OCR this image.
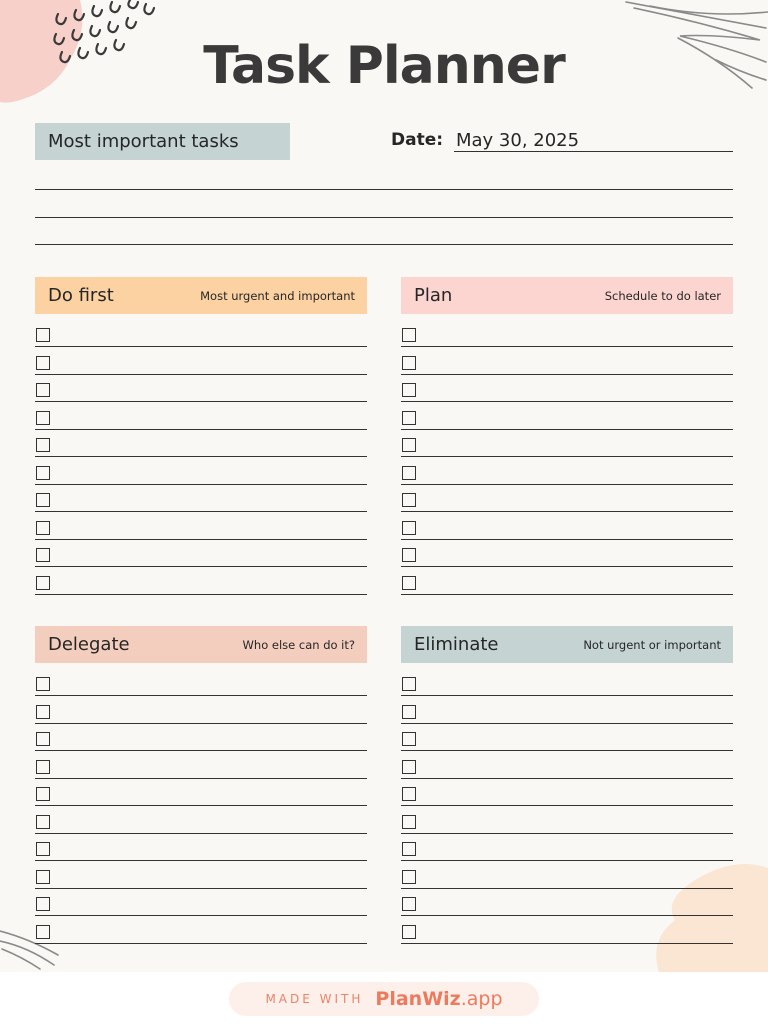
Task Planner
Most important tasks	Date: May 30, 2025
Do first	Most urgent and important	Plan	Schedule to do later
Delegate	Who else can do it?	Eliminate	Not urgent or important
MADE WITH PlanWiz.app
